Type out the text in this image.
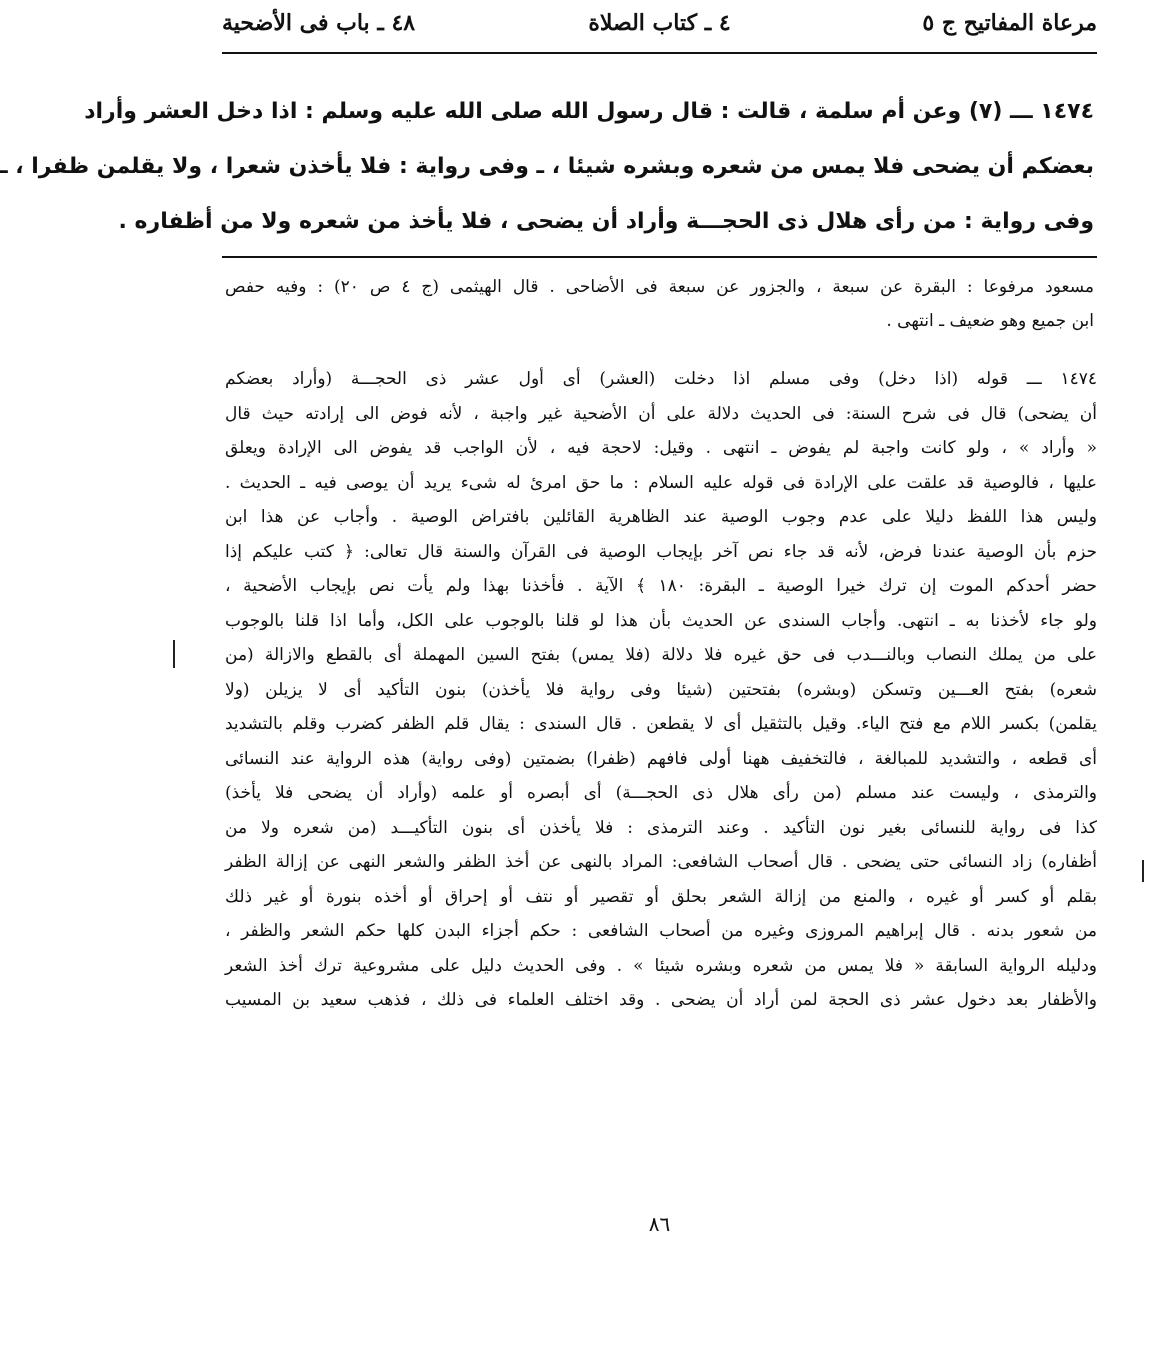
مرعاة المفاتيح ج ٥
٤ ـ كتاب الصلاة
٤٨ ـ باب فى الأضحية
١٤٧٤ ـــ (٧) وعن أم سلمة ، قالت : قال رسول الله صلى الله عليه وسلم : اذا دخل العشر وأراد
بعضكم أن يضحى فلا يمس من شعره وبشره شيئا ، ـ وفى رواية : فلا يأخذن شعرا ، ولا يقلمن ظفرا ، ـ
وفى رواية : من رأى هلال ذى الحجـــة وأراد أن يضحى ، فلا يأخذ من شعره ولا من أظفاره .
مسعود مرفوعا : البقرة عن سبعة ، والجزور عن سبعة فى الأضاحى . قال الهيثمى (ج ٤ ص ٢٠) : وفيه حفص
ابن جميع وهو ضعيف ـ انتهى .
١٤٧٤ ـــ قوله (اذا دخل) وفى مسلم اذا دخلت (العشر) أى أول عشر ذى الحجـــة (وأراد بعضكم
أن يضحى) قال فى شرح السنة: فى الحديث دلالة على أن الأضحية غير واجبة ، لأنه فوض الى إرادته حيث قال
« وأراد » ، ولو كانت واجبة لم يفوض ـ انتهى . وقيل: لاحجة فيه ، لأن الواجب قد يفوض الى الإرادة ويعلق
عليها ، فالوصية قد علقت على الإرادة فى قوله عليه السلام : ما حق امرئ له شىء يريد أن يوصى فيه ـ الحديث .
وليس هذا اللفظ دليلا على عدم وجوب الوصية عند الظاهرية القائلين بافتراض الوصية . وأجاب عن هذا ابن
حزم بأن الوصية عندنا فرض، لأنه قد جاء نص آخر بإيجاب الوصية فى القرآن والسنة قال تعالى: ﴿ كتب عليكم إذا
حضر أحدكم الموت إن ترك خيرا الوصية ـ البقرة: ١٨٠ ﴾ الآية . فأخذنا بهذا ولم يأت نص بإيجاب الأضحية ،
ولو جاء لأخذنا به ـ انتهى. وأجاب السندى عن الحديث بأن هذا لو قلنا بالوجوب على الكل، وأما اذا قلنا بالوجوب
على من يملك النصاب وبالنـــدب فى حق غيره فلا دلالة (فلا يمس) بفتح السين المهملة أى بالقطع والازالة (من
شعره) بفتح العـــين وتسكن (وبشره) بفتحتين (شيئا وفى رواية فلا يأخذن) بنون التأكيد أى لا يزيلن (ولا
يقلمن) بكسر اللام مع فتح الياء. وقيل بالتثقيل أى لا يقطعن . قال السندى : يقال قلم الظفر كضرب وقلم بالتشديد
أى قطعه ، والتشديد للمبالغة ، فالتخفيف ههنا أولى فافهم (ظفرا) بضمتين (وفى رواية) هذه الرواية عند النسائى
والترمذى ، وليست عند مسلم (من رأى هلال ذى الحجـــة) أى أبصره أو علمه (وأراد أن يضحى فلا يأخذ)
كذا فى رواية للنسائى بغير نون التأكيد . وعند الترمذى : فلا يأخذن أى بنون التأكيـــد (من شعره ولا من
أظفاره) زاد النسائى حتى يضحى . قال أصحاب الشافعى: المراد بالنهى عن أخذ الظفر والشعر النهى عن إزالة الظفر
بقلم أو كسر أو غيره ، والمنع من إزالة الشعر بحلق أو تقصير أو نتف أو إحراق أو أخذه بنورة أو غير ذلك
من شعور بدنه . قال إبراهيم المروزى وغيره من أصحاب الشافعى : حكم أجزاء البدن كلها حكم الشعر والظفر ،
ودليله الرواية السابقة « فلا يمس من شعره وبشره شيئا » . وفى الحديث دليل على مشروعية ترك أخذ الشعر
والأظفار بعد دخول عشر ذى الحجة لمن أراد أن يضحى . وقد اختلف العلماء فى ذلك ، فذهب سعيد بن المسيب
٨٦
